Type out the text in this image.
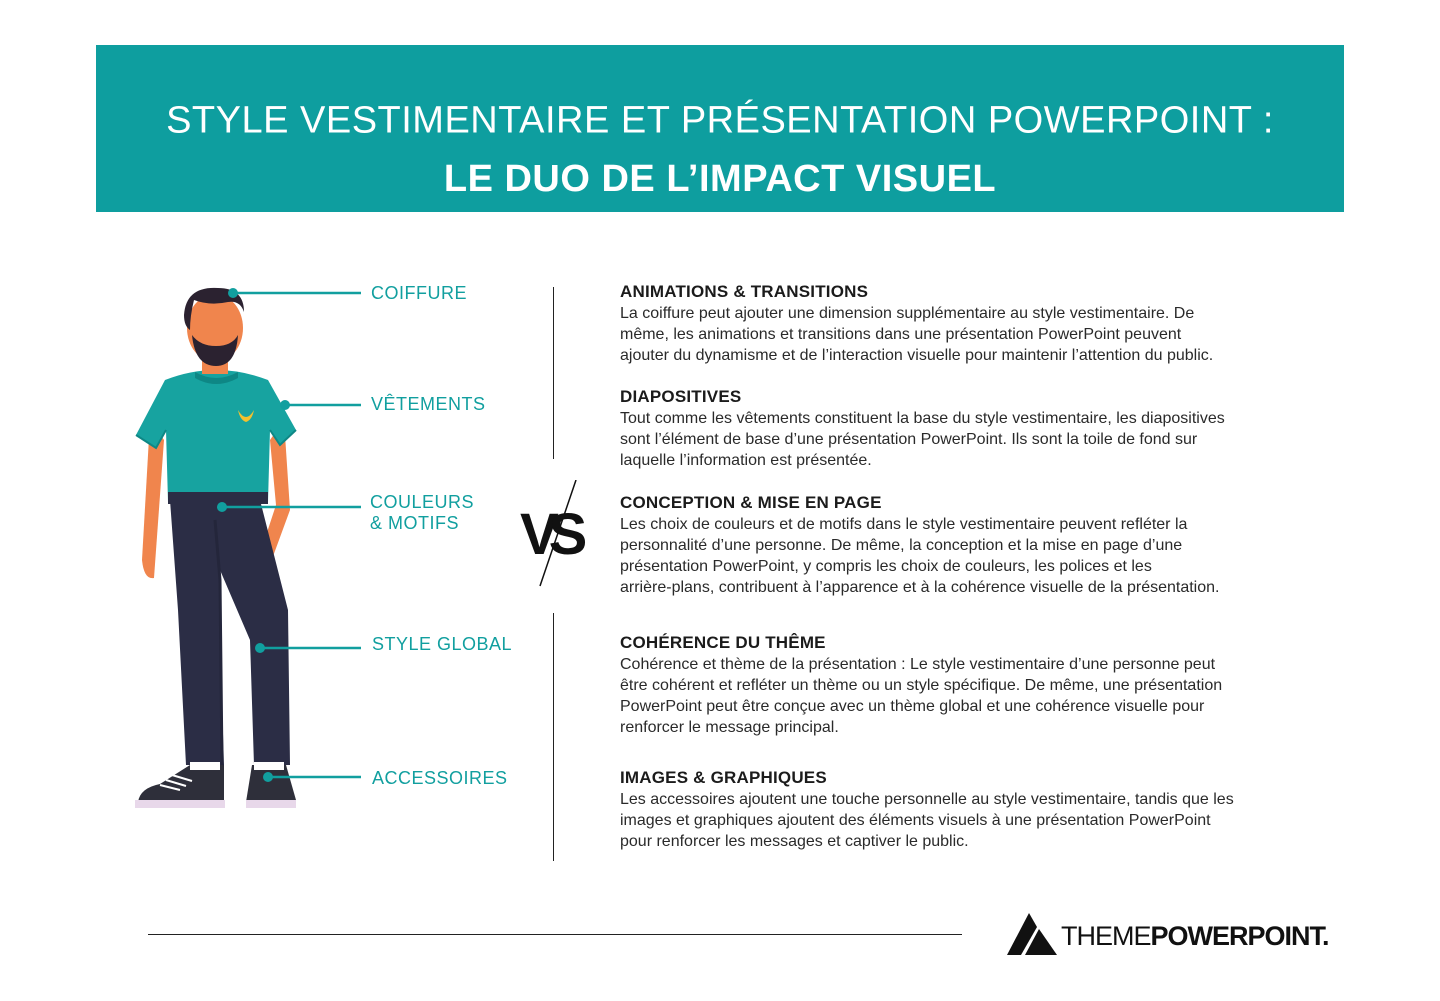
STYLE VESTIMENTAIRE ET PRÉSENTATION POWERPOINT :
LE DUO DE L’IMPACT VISUEL
COIFFURE
VÊTEMENTS
COULEURS
& MOTIFS
STYLE GLOBAL
ACCESSOIRES
VS
ANIMATIONS & TRANSITIONS

La coiffure peut ajouter une dimension supplémentaire au style vestimentaire. De

même, les animations et transitions dans une présentation PowerPoint peuvent

ajouter du dynamisme et de l’interaction visuelle pour maintenir l’attention du public.

DIAPOSITIVES

Tout comme les vêtements constituent la base du style vestimentaire, les diapositives

sont l’élément de base d’une présentation PowerPoint. Ils sont la toile de fond sur

laquelle l’information est présentée.

CONCEPTION & MISE EN PAGE

Les choix de couleurs et de motifs dans le style vestimentaire peuvent refléter la

personnalité d’une personne. De même, la conception et la mise en page d’une

présentation PowerPoint, y compris les choix de couleurs, les polices et les

arrière-plans, contribuent à l’apparence et à la cohérence visuelle de la présentation.

COHÉRENCE DU THÊME

Cohérence et thème de la présentation : Le style vestimentaire d’une personne peut

être cohérent et refléter un thème ou un style spécifique. De même, une présentation

PowerPoint peut être conçue avec un thème global et une cohérence visuelle pour

renforcer le message principal.

IMAGES & GRAPHIQUES

Les accessoires ajoutent une touche personnelle au style vestimentaire, tandis que les

images et graphiques ajoutent des éléments visuels à une présentation PowerPoint

pour renforcer les messages et captiver le public.

THEMEPOWERPOINT.
